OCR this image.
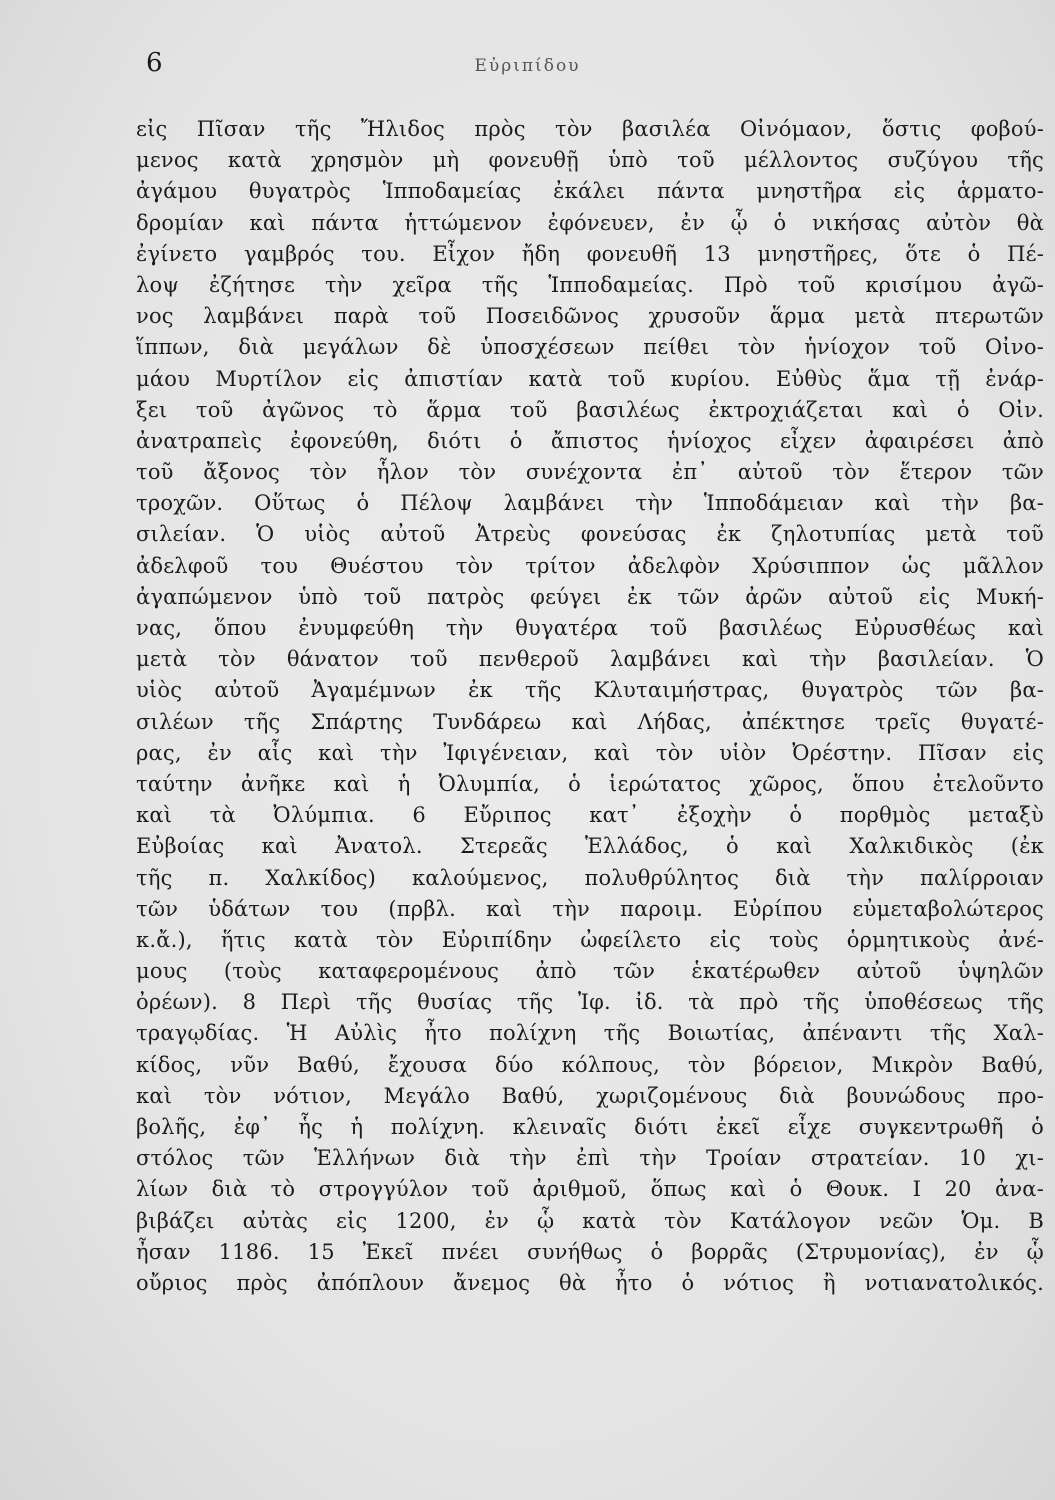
6	Εὐριπίδου
εἰς Πῖσαν τῆς Ἤλιδος πρὸς τὸν βασιλέα Οἰνόμαον, ὅστις φοβού-
μενος κατὰ χρησμὸν μὴ φονευθῇ ὑπὸ τοῦ μέλλοντος συζύγου τῆς
ἀγάμου θυγατρὸς Ἱπποδαμείας ἐκάλει πάντα μνηστῆρα εἰς ἁρματο-
δρομίαν καὶ πάντα ἡττώμενον ἐφόνευεν, ἐν ᾧ ὁ νικήσας αὐτὸν θὰ
ἐγίνετο γαμβρός του. Εἶχον ἤδη φονευθῆ 13 μνηστῆρες, ὅτε ὁ Πέ-
λοψ ἐζήτησε τὴν χεῖρα τῆς Ἱπποδαμείας. Πρὸ τοῦ κρισίμου ἀγῶ-
νος λαμβάνει παρὰ τοῦ Ποσειδῶνος χρυσοῦν ἅρμα μετὰ πτερωτῶν
ἵππων, διὰ μεγάλων δὲ ὑποσχέσεων πείθει τὸν ἡνίοχον τοῦ Οἰνο-
μάου Μυρτίλον εἰς ἀπιστίαν κατὰ τοῦ κυρίου. Εὐθὺς ἅμα τῇ ἐνάρ-
ξει τοῦ ἀγῶνος τὸ ἅρμα τοῦ βασιλέως ἐκτροχιάζεται καὶ ὁ Οἰν.
ἀνατραπεὶς ἐφονεύθη, διότι ὁ ἄπιστος ἡνίοχος εἶχεν ἀφαιρέσει ἀπὸ
τοῦ ἄξονος τὸν ἧλον τὸν συνέχοντα ἐπ᾽ αὐτοῦ τὸν ἕτερον τῶν
τροχῶν. Οὕτως ὁ Πέλοψ λαμβάνει τὴν Ἱπποδάμειαν καὶ τὴν βα-
σιλείαν. Ὁ υἱὸς αὐτοῦ Ἀτρεὺς φονεύσας ἐκ ζηλοτυπίας μετὰ τοῦ
ἀδελφοῦ του Θυέστου τὸν τρίτον ἀδελφὸν Χρύσιππον ὡς μᾶλλον
ἀγαπώμενον ὑπὸ τοῦ πατρὸς φεύγει ἐκ τῶν ἀρῶν αὐτοῦ εἰς Μυκή-
νας, ὅπου ἐνυμφεύθη τὴν θυγατέρα τοῦ βασιλέως Εὐρυσθέως καὶ
μετὰ τὸν θάνατον τοῦ πενθεροῦ λαμβάνει καὶ τὴν βασιλείαν. Ὁ
υἱὸς αὐτοῦ Ἀγαμέμνων ἐκ τῆς Κλυταιμήστρας, θυγατρὸς τῶν βα-
σιλέων τῆς Σπάρτης Τυνδάρεω καὶ Λήδας, ἀπέκτησε τρεῖς θυγατέ-
ρας, ἐν αἷς καὶ τὴν Ἰφιγένειαν, καὶ τὸν υἱὸν Ὀρέστην. Πῖσαν εἰς
ταύτην ἀνῆκε καὶ ἡ Ὀλυμπία, ὁ ἱερώτατος χῶρος, ὅπου ἐτελοῦντο
καὶ τὰ Ὀλύμπια. 6 Εὔριπος κατ᾽ ἐξοχὴν ὁ πορθμὸς μεταξὺ
Εὐβοίας καὶ Ἀνατολ. Στερεᾶς Ἑλλάδος, ὁ καὶ Χαλκιδικὸς (ἐκ
τῆς π. Χαλκίδος) καλούμενος, πολυθρύλητος διὰ τὴν παλίρροιαν
τῶν ὑδάτων του (πρβλ. καὶ τὴν παροιμ. Εὐρίπου εὐμεταβολώτερος
κ.ἄ.), ἥτις κατὰ τὸν Εὐριπίδην ὠφείλετο εἰς τοὺς ὁρμητικοὺς ἀνέ-
μους (τοὺς καταφερομένους ἀπὸ τῶν ἑκατέρωθεν αὐτοῦ ὑψηλῶν
ὀρέων). 8 Περὶ τῆς θυσίας τῆς Ἰφ. ἰδ. τὰ πρὸ τῆς ὑποθέσεως τῆς
τραγῳδίας. Ἡ Αὐλὶς ἦτο πολίχνη τῆς Βοιωτίας, ἀπέναντι τῆς Χαλ-
κίδος, νῦν Βαθύ, ἔχουσα δύο κόλπους, τὸν βόρειον, Μικρὸν Βαθύ,
καὶ τὸν νότιον, Μεγάλο Βαθύ, χωριζομένους διὰ βουνώδους προ-
βολῆς, ἐφ᾽ ἧς ἡ πολίχνη. κλειναῖς διότι ἐκεῖ εἶχε συγκεντρωθῆ ὁ
στόλος τῶν Ἑλλήνων διὰ τὴν ἐπὶ τὴν Τροίαν στρατείαν. 10 χι-
λίων διὰ τὸ στρογγύλον τοῦ ἀριθμοῦ, ὅπως καὶ ὁ Θουκ. Ι 20 ἀνα-
βιβάζει αὐτὰς εἰς 1200, ἐν ᾧ κατὰ τὸν Κατάλογον νεῶν Ὁμ. Β
ἦσαν 1186. 15 Ἐκεῖ πνέει συνήθως ὁ βορρᾶς (Στρυμονίας), ἐν ᾧ
οὔριος πρὸς ἀπόπλουν ἄνεμος θὰ ἦτο ὁ νότιος ἢ νοτιανατολικός.
